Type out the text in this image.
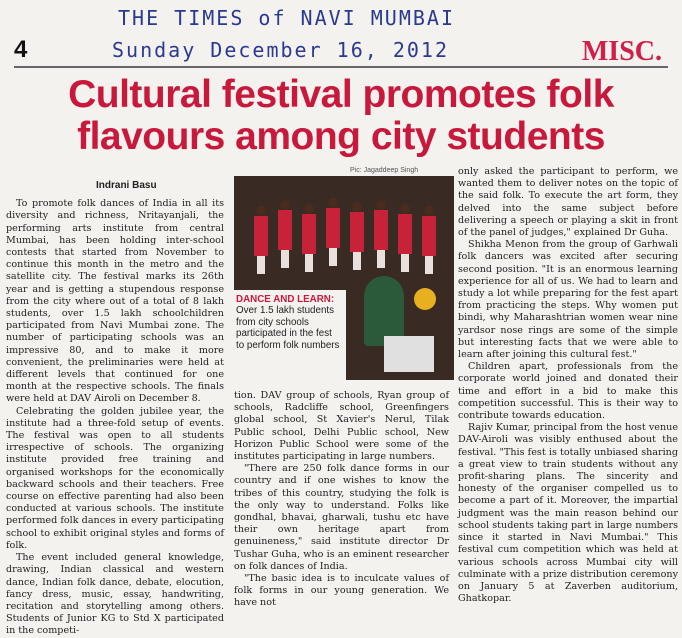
THE TIMES of NAVI MUMBAI
Sunday December 16, 2012
4	MISC.
Cultural festival promotes folk
flavours among city students

Indrani Basu

To promote folk dances of India in all its diversity and richness, Nritayanjali, the performing arts institute from central Mumbai, has been holding inter-school contests that started from November to continue this month in the metro and the satellite city. The festival marks its 26th year and is getting a stupendous response from the city where out of a total of 8 lakh students, over 1.5 lakh schoolchildren participated from Navi Mumbai zone. The number of participating schools was an impressive 80, and to make it more convenient, the preliminaries were held at different levels that continued for one month at the respective schools. The finals were held at DAV Airoli on December 8.

Celebrating the golden jubilee year, the institute had a three-fold setup of events. The festival was open to all students irrespective of schools. The organizing institute provided free training and organised workshops for the economically backward schools and their teachers. Free course on effective parenting had also been conducted at various schools. The institute performed folk dances in every participating school to exhibit original styles and forms of folk.

The event included general knowledge, drawing, Indian classical and western dance, Indian folk dance, debate, elocution, fancy dress, music, essay, handwriting, recitation and storytelling among others. Students of Junior KG to Std X participated in the competi-

Pic: Jagaddeep Singh
DANCE AND LEARN: Over 1.5 lakh students from city schools participated in the fest to perform folk numbers

tion. DAV group of schools, Ryan group of schools, Radcliffe school, Greenfingers global school, St Xavier's Nerul, Tilak Public school, Delhi Public school, New Horizon Public School were some of the institutes participating in large numbers.

"There are 250 folk dance forms in our country and if one wishes to know the tribes of this country, studying the folk is the only way to understand. Folks like gondhal, bhavai, gharwali, tushu etc have their own heritage apart from genuineness," said institute director Dr Tushar Guha, who is an eminent researcher on folk dances of India.

"The basic idea is to inculcate values of folk forms in our young generation. We have not

only asked the participant to perform, we wanted them to deliver notes on the topic of the said folk. To execute the art form, they delved into the same subject before delivering a speech or playing a skit in front of the panel of judges," explained Dr Guha.

Shikha Menon from the group of Garhwali folk dancers was excited after securing second position. "It is an enormous learning experience for all of us. We had to learn and study a lot while preparing for the fest apart from practicing the steps. Why women put bindi, why Maharashtrian women wear nine yardsor nose rings are some of the simple but interesting facts that we were able to learn after joining this cultural fest."

Children apart, professionals from the corporate world joined and donated their time and effort in a bid to make this competition successful. This is their way to contribute towards education.

Rajiv Kumar, principal from the host venue DAV-Airoli was visibly enthused about the festival. "This fest is totally unbiased sharing a great view to train students without any profit-sharing plans. The sincerity and honesty of the organiser compelled us to become a part of it. Moreover, the impartial judgment was the main reason behind our school students taking part in large numbers since it started in Navi Mumbai." This festival cum competition which was held at various schools across Mumbai city will culminate with a prize distribution ceremony on January 5 at Zaverben auditorium, Ghatkopar.
